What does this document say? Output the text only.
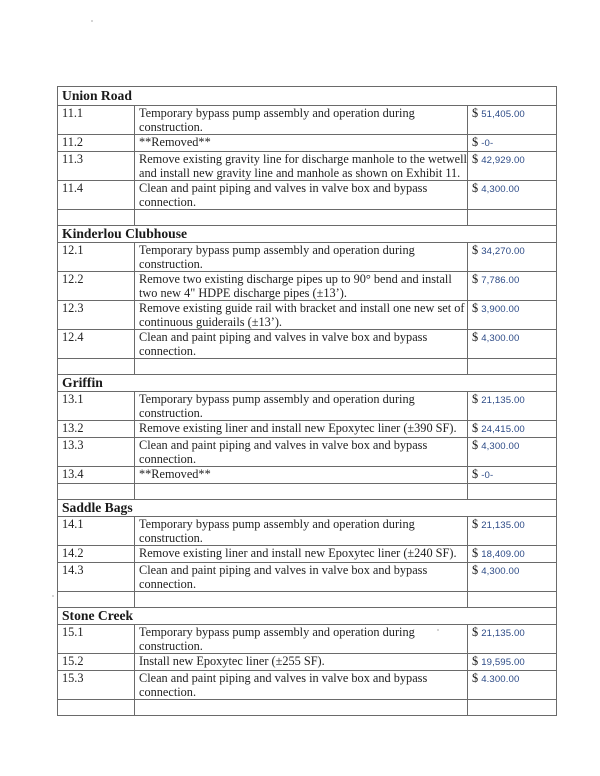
Union Road		
11.1	Temporary bypass pump assembly and operation during construction.	$ 51,405.00
11.2	**Removed**	$ -0-
11.3	Remove existing gravity line for discharge manhole to the wetwell and install new gravity line and manhole as shown on Exhibit 11.	$ 42,929.00
11.4	Clean and paint piping and valves in valve box and bypass connection.	$ 4,300.00

Kinderlou Clubhouse		
12.1	Temporary bypass pump assembly and operation during construction.	$ 34,270.00
12.2	Remove two existing discharge pipes up to 90° bend and install two new 4" HDPE discharge pipes (±13’).	$ 7,786.00
12.3	Remove existing guide rail with bracket and install one new set of continuous guiderails (±13’).	$ 3,900.00
12.4	Clean and paint piping and valves in valve box and bypass connection.	$ 4,300.00

Griffin		
13.1	Temporary bypass pump assembly and operation during construction.	$ 21,135.00
13.2	Remove existing liner and install new Epoxytec liner (±390 SF).	$ 24,415.00
13.3	Clean and paint piping and valves in valve box and bypass connection.	$ 4,300.00
13.4	**Removed**	$ -0-

Saddle Bags		
14.1	Temporary bypass pump assembly and operation during construction.	$ 21,135.00
14.2	Remove existing liner and install new Epoxytec liner (±240 SF).	$ 18,409.00
14.3	Clean and paint piping and valves in valve box and bypass connection.	$ 4,300.00

Stone Creek		
15.1	Temporary bypass pump assembly and operation during construction.	$ 21,135.00
15.2	Install new Epoxytec liner (±255 SF).	$ 19,595.00
15.3	Clean and paint piping and valves in valve box and bypass connection.	$ 4.300.00
